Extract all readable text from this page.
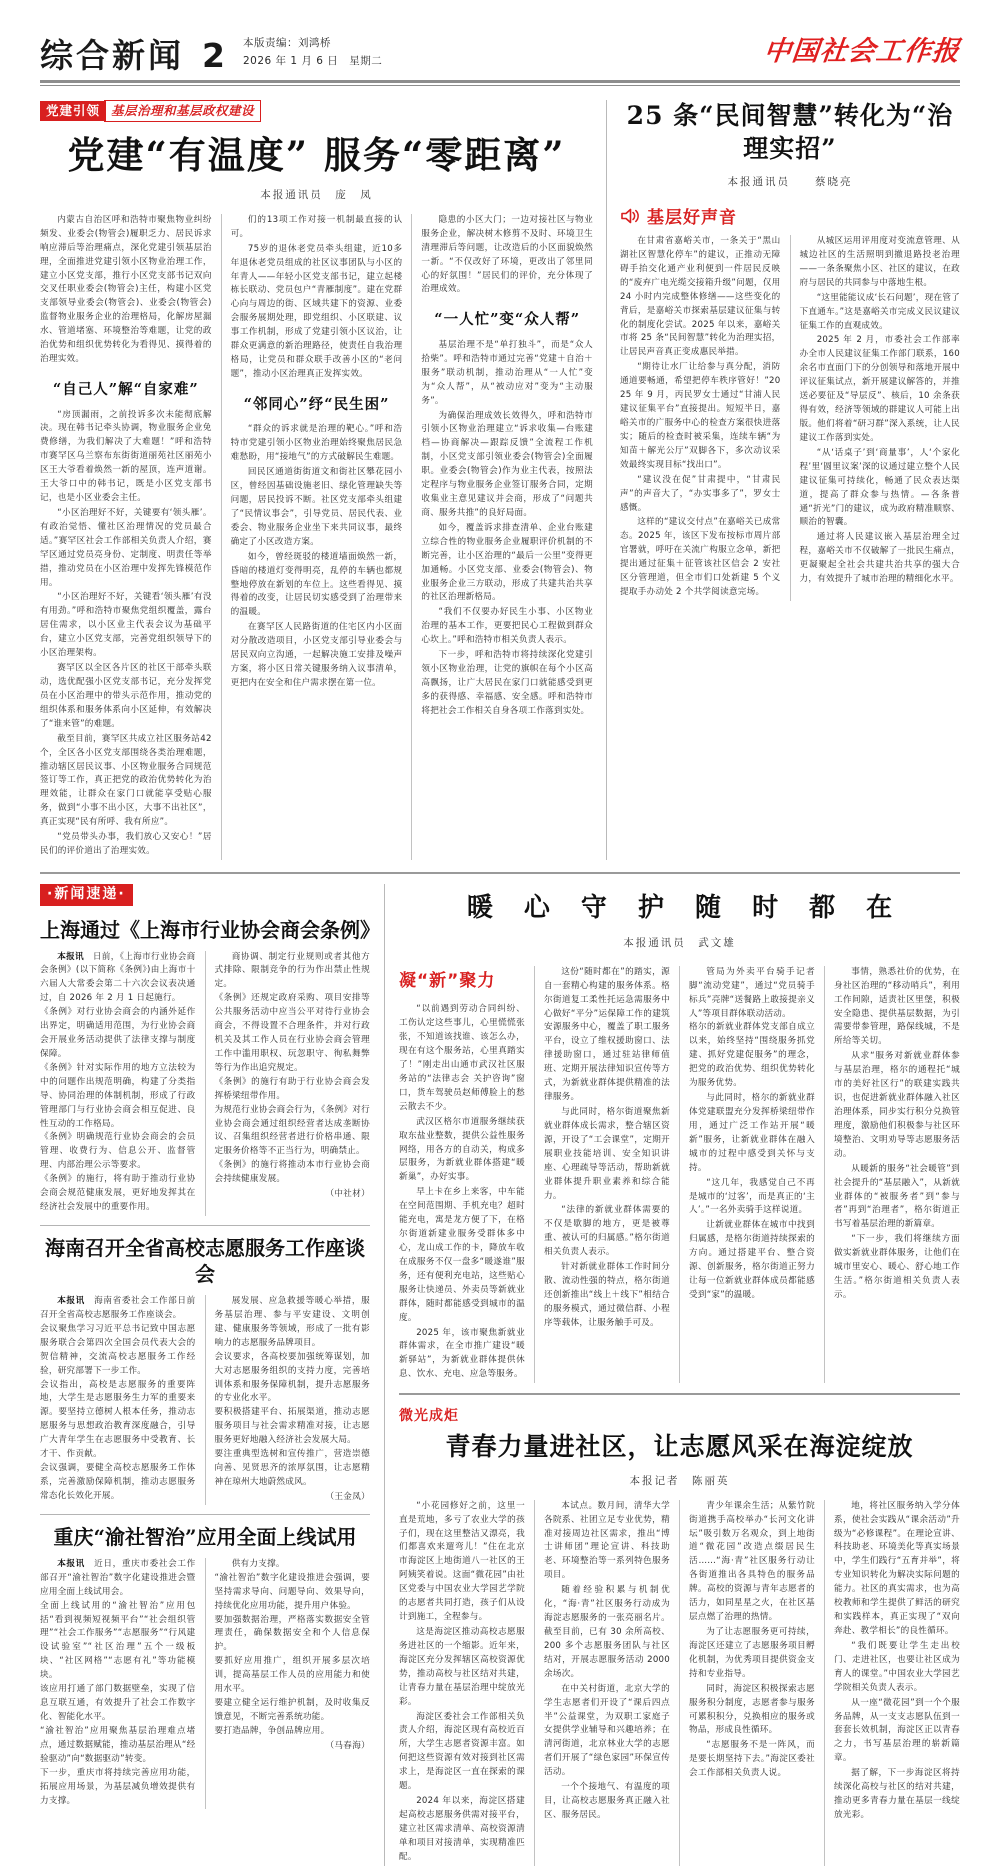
综合新闻 2 本版责编：刘鸿桥
2026 年 1 月 6 日　星期二	中国社会工作报
党建引领 基层治理和基层政权建设
党建“有温度” 服务“零距离”
本报通讯员　庞　凤

内蒙古自治区呼和浩特市聚焦物业纠纷频发、业委会(物管会)履职乏力、居民诉求响应滞后等治理痛点，深化党建引领基层治理，全面推进党建引领小区物业治理工作，建立小区党支部，推行小区党支部书记双向交叉任职业委会(物管会)主任，构建小区党支部领导业委会(物管会)、业委会(物管会)监督物业服务企业的治理格局，化解房屋漏水、管道堵塞、环境整治等难题，让党的政治优势和组织优势转化为看得见、摸得着的治理实效。

“自己人”解“自家难”

“房顶漏雨，之前投诉多次未能彻底解决。现在韩书记牵头协调，物业服务企业免费修缮，为我们解决了大难题！”呼和浩特市赛罕区乌兰察布东街街道丽苑社区丽苑小区王大爷看着焕然一新的屋顶，连声道谢。王大爷口中的韩书记，既是小区党支部书记，也是小区业委会主任。

“小区治理好不好，关键要有‘领头雁’。有政治觉悟、懂社区治理情况的党员最合适。”赛罕区社会工作部相关负责人介绍，赛罕区通过党员亮身份、定制度、明责任等举措，推动党员在小区治理中发挥先锋模范作用。

“小区治理好不好，关键看‘领头雁’有没有用劲。”呼和浩特市聚焦党组织覆盖，露台居住需求，以小区业主代表会议为基础平台，建立小区党支部，完善党组织领导下的小区治理架构。

赛罕区以全区各片区的社区干部牵头联动，选优配强小区党支部书记，充分发挥党员在小区治理中的带头示范作用，推动党的组织体系和服务体系向小区延伸，有效解决了“谁来管”的难题。

截至目前，赛罕区共成立社区服务站42个，全区各小区党支部围绕各类治理难题，推动辖区居民议事、小区物业服务合同规范签订等工作，真正把党的政治优势转化为治理效能，让群众在家门口就能享受贴心服务，做到“小事不出小区，大事不出社区”，真正实现“民有所呼、我有所应”。

“党员带头办事，我们放心又安心！”居民们的评价道出了治理实效。

们的13项工作对接一机制最直接的认可。

75岁的退休老党员牵头组建，近10多年退休老党员组成的社区议事团队与小区的年青人——年轻小区党支部书记，建立起楼栋长联动、党员包户“青雁制度”。建在党群心向与周边的街、区域共建下的资源、业委会服务展期处理，即党组织、小区联建、议事工作机制，形成了党建引领小区议治，让群众更满意的新治理路径，使责任自我治理格局，让党员和群众联手改善小区的“老问题”，推动小区治理真正发挥实效。

“邻同心”纾“民生困”

“群众的诉求就是治理的靶心。”呼和浩特市党建引领小区物业治理始终聚焦居民急难愁盼，用“接地气”的方式破解民生难题。

回民区通道街街道文和街社区攀花园小区，曾经因基础设施老旧、绿化管理缺失等问题，居民投诉不断。社区党支部牵头组建了“民情议事会”，引导党员、居民代表、业委会、物业服务企业坐下来共同议事，最终确定了小区改造方案。

如今，曾经斑驳的楼道墙面焕然一新，昏暗的楼道灯变得明亮，乱停的车辆也都规整地停放在新划的车位上。这些看得见、摸得着的改变，让居民切实感受到了治理带来的温暖。

在赛罕区人民路街道的住宅区内小区面对分散改造项目，小区党支部引导业委会与居民双向立沟通，一起解决施工安排及噪声方案，将小区日常关键服务纳入议事清单，更把内在安全和住户需求摆在第一位。

隐患的小区大门；一边对接社区与物业服务企业，解决树木修剪不及时、环境卫生清理滞后等问题，让改造后的小区面貌焕然一新。“不仅改好了环境，更改出了邻里同心的好氛围！”居民们的评价，充分体现了治理成效。

“一人忙”变“众人帮”

基层治理不是“单打独斗”，而是“众人拾柴”。呼和浩特市通过完善“党建＋自治＋服务”联动机制，推动治理从“一人忙”变为“众人帮”，从“被动应对”变为“主动服务”。

为确保治理成效长效得久，呼和浩特市引领小区物业治理建立“诉求收集—台账建档—协商解决—跟踪反馈”全流程工作机制，小区党支部引领业委会(物管会)全面履职。业委会(物管会)作为业主代表，按照法定程序与物业服务企业签订服务合同，定期收集业主意见建议并会商，形成了“问题共商、服务共推”的良好局面。

如今，覆盖诉求排查清单、企业台账建立综合性的物业服务企业履职评价机制的不断完善，让小区治理的“最后一公里”变得更加通畅。小区党支部、业委会(物管会)、物业服务企业三方联动，形成了共建共治共享的社区治理新格局。

“我们不仅要办好民生小事、小区物业治理的基本工作，更要把民心工程做到群众心坎上。”呼和浩特市相关负责人表示。

下一步，呼和浩特市将持续深化党建引领小区物业治理，让党的旗帜在每个小区高高飘扬，让广大居民在家门口就能感受到更多的获得感、幸福感、安全感。呼和浩特市将把社会工作相关自身各项工作落到实处。

25 条“民间智慧”转化为“治理实招”
本报通讯员　　蔡晓亮
基层好声音

在甘肃省嘉峪关市，一条关于“黑山湖社区智慧化停车”的建议，正推动无障碍手抬交化通产业利便到一件居民反映的“废弃广电光缆交接箱升级”问题，仅用 24 小时内完成整体修缮——这些变化的背后，是嘉峪关市探索基层建议征集与转化的制度化尝试。2025 年以来，嘉峪关市将 25 条“民间智慧”转化为治理实招，让居民声音真正变成惠民举措。

“期待让水厂让给参与真分配，消防通道要畅通，希望把停车秩序管好！”2025 年 9 月，丙民罗女士通过“甘浦人民建议征集平台”直接提出。短短半日，嘉峪关市的广服务中心的检查方案很快进落实；随后的检查时被采集，连续车辆“为知苗＋解光公厅”双脚各下，多次动议采效最终实现目标“找出口”。

“建议没在促”甘肃提中，“甘肃民声”的声音大了，“办实事多了”，罗女士感慨。

这样的“建议交付点”在嘉峪关已成常态。2025 年，该区下发布按标市周片部官署就，呼吁在关流广构服立念单，新把提出通过征集＋征管该社区信会 2 安社区分管理道，但全市们口处新建 5 个义提取手办动处 2 个共学阅读意完场。

从城区运用评用度对变流意管理、从城边社区的生活照明到撤退路投老治理——一条条聚焦小区、社区的建议，在政府与居民的共同参与中落地生根。

“这里能能议成‘长石问题’，现在管了下直通车。”这是嘉峪关市完成义民议建议征集工作的直观成效。

2025 年 2 月，市委社会工作部率办全市人民建议征集工作部门联系，160 余名市直面门下的分创领导和落地开展中评议征集试点，新开展建议解答的，并推送必要征及“导层反”、核后，10 余条获得有效，经济等领域的群建议人可能上出版。他们将着“研习群”深入系统，让人民建议工作落到实处。

“从‘话桌子’到‘商量事’，人‘个家化程’里‘圆里议案’深的议通过建立整个人民建议征集可持续化，畅通了民众表达渠道，提高了群众参与热情。—各条普通“折光”门的建议，成为政府精准顺察、顺治的智囊。

通过将人民建议嵌入基层治理全过程，嘉峪关市不仅破解了一批民生痛点，更凝聚起全社会共建共治共享的强大合力，有效提升了城市治理的精细化水平。

·新闻速递·
上海通过《上海市行业协会商会条例》

本报讯　日前，《上海市行业协会商会条例》(以下简称《条例》)由上海市十六届人大常委会第二十六次会议表决通过，自 2026 年 2 月 1 日起施行。
《条例》对行业协会商会的内涵外延作出界定，明确适用范围，为行业协会商会开展业务活动提供了法律支撑与制度保障。
《条例》针对实际作用的地方立法较为中的问题作出规范明确，构建了分类指导、协同治理的体制机制，形成了行政管理部门与行业协会商会相互促进、良性互动的工作格局。
《条例》明确规范行业协会商会的会员管理、收费行为、信息公开、监督管理、内部治理公示等要求。
《条例》的施行，将有助于推动行业协会商会规范健康发展，更好地发挥其在经济社会发展中的重要作用。

商协调、制定行业规则或者其他方式排除、限制竞争的行为作出禁止性规定。
《条例》还规定政府采购、项目安排等公共服务活动中应当公平对待行业协会商会，不得设置不合理条件，并对行政机关及其工作人员在行业协会商会管理工作中滥用职权、玩忽职守、徇私舞弊等行为作出追究规定。
《条例》的施行有助于行业协会商会发挥桥梁纽带作用。
为规范行业协会商会行为，《条例》对行业协会商会通过组织经营者达成垄断协议、召集组织经营者进行价格串通、限定服务价格等不正当行为，明确禁止。
《条例》的施行将推动本市行业协会商会持续健康发展。

（中社材）
海南召开全省高校志愿服务工作座谈会

本报讯　海南省委社会工作部日前召开全省高校志愿服务工作座谈会。
会议聚焦学习习近平总书记致中国志愿服务联合会第四次全国会员代表大会的贺信精神，交流高校志愿服务工作经验，研究部署下一步工作。
会议指出，高校是志愿服务的重要阵地，大学生是志愿服务生力军的重要来源。要坚持立德树人根本任务，推动志愿服务与思想政治教育深度融合，引导广大青年学生在志愿服务中受教育、长才干、作贡献。
会议强调，要健全高校志愿服务工作体系，完善激励保障机制，推动志愿服务常态化长效化开展。

展发展、应急救援等暖心举措，服务基层治理、参与平安建设、文明创建、健康服务等领域，形成了一批有影响力的志愿服务品牌项目。
会议要求，各高校要加强统筹谋划，加大对志愿服务组织的支持力度，完善培训体系和服务保障机制，提升志愿服务的专业化水平。
要积极搭建平台、拓展渠道，推动志愿服务项目与社会需求精准对接，让志愿服务更好地融入经济社会发展大局。
要注重典型选树和宣传推广，营造崇德向善、见贤思齐的浓厚氛围，让志愿精神在琼州大地蔚然成风。

（王金凤）
重庆“渝社智治”应用全面上线试用

本报讯　近日，重庆市委社会工作部召开“渝社智治”数字化建设推进会暨应用全面上线试用会。
全面上线试用的“渝社智治”应用包括“看到视频短视频平台”“社会组织管理”“社会工作服务”“志愿服务”“行风建设试验室”“社区治理”五个一级板块、“社区网格”“志愿有礼”等功能模块。
该应用打通了部门数据壁垒，实现了信息互联互通，有效提升了社会工作数字化、智能化水平。
“渝社智治”应用聚焦基层治理难点堵点，通过数据赋能，推动基层治理从“经验驱动”向“数据驱动”转变。
下一步，重庆市将持续完善应用功能，拓展应用场景，为基层减负增效提供有力支撑。

供有力支撑。
“渝社智治”数字化建设推进会强调，要坚持需求导向、问题导向、效果导向，持续优化应用功能，提升用户体验。
要加强数据治理，严格落实数据安全管理责任，确保数据安全和个人信息保护。
要抓好应用推广，组织开展多层次培训，提高基层工作人员的应用能力和使用水平。
要建立健全运行维护机制，及时收集反馈意见，不断完善系统功能。
要打造品牌，争创品牌应用。

（马春海）
暖 心 守 护 随 时 都 在
本报通讯员　武文雄
凝“新”聚力

“以前遇到劳动合同纠纷、工伤认定这些事儿，心里慌慌张张，不知道该找谁、该怎么办，现在有这个服务站，心里真踏实了！”刚走出山通市武汉社区服务站的“法律志会 关护咨询”窗口，货车驾驶员赵师傅脸上的愁云散去不少。

武汉区格尔市道服务继续获取东盐业整数，提供公益性服务网络，用各方的自动关，构成多层服务，为新就业群体搭建“暖新巢”，办好实事。

早上卡在乡上来客，中车能在空间范围期、手机充电？超时能充电，寓是龙方便了下，在格尔街道新建业服务受群体多中心，龙山成工作的卡，降放车收在成服务不仅一盘多“暖遂谁”服务，还有便利充电站，这些贴心服务让快递员、外卖员等新就业群体，随时都能感受到城市的温度。

2025 年，该市聚焦新就业群体需求，在全市推广建设“暖新驿站”，为新就业群体提供休息、饮水、充电、应急等服务。

这份“随时都在”的踏实，源自一套精心构建的服务体系。格尔街道复工柔性托运急需服务中心做好“平分”运保障工作的建筑安源服务中心，覆盖了职工服务平台，设立了维权援助窗口、法律援助窗口，通过驻站律师值班、定期开展法律知识宣传等方式，为新就业群体提供精准的法律服务。

与此同时，格尔街道聚焦新就业群体成长需求，整合辖区资源，开设了“工会课堂”，定期开展职业技能培训、安全知识讲座、心理疏导等活动，帮助新就业群体提升职业素养和综合能力。

“法律的新就业群体需要的不仅是歇脚的地方，更是被尊重、被认可的归属感。”格尔街道相关负责人表示。

针对新就业群体工作时间分散、流动性强的特点，格尔街道还创新推出“线上＋线下”相结合的服务模式，通过微信群、小程序等载体，让服务触手可及。

管局为外卖平台骑手记者脚“流动党建”，通过“党员骑手标兵”亮牌“送餐路上敢接提亲义人”等项目群体联动活动。
格尔的新就业群体党支部自成立以来，始终坚持“围绕服务抓党建、抓好党建促服务”的理念，把党的政治优势、组织优势转化为服务优势。

与此同时，格尔的新就业群体党建联盟充分发挥桥梁纽带作用，通过广泛工作站开展“暖新”服务，让新就业群体在融入城市的过程中感受到关怀与支持。

“这几年，我感觉自己不再是城市的‘过客’，而是真正的‘主人’。”一名外卖骑手这样说道。

让新就业群体在城市中找到归属感，是格尔街道持续探索的方向。通过搭建平台、整合资源、创新服务，格尔街道正努力让每一位新就业群体成员都能感受到“家”的温暖。

事情，熟悉社价的优势，在身社区治理的“移动哨兵”，利用工作间隙，适责社区里堡，积极安全隐患、提供基层数据，为引需要带参管理，路保线城，不是所给等关切。

从求“服务对新就业群体参与基层治理，格尔的通程托“城市的美好社区行”的联建实践共识，也促进新就业群体融入社区治理体系，同步实行积分兑换管理度，激励他们积极参与社区环境整治、文明劝导等志愿服务活动。

从暖新的服务“社会暖管”到社会提升的“基层融入”，从新就业群体的“被服务者”到“参与者”再到“治理者”，格尔街道正书写着基层治理的新篇章。

“下一步，我们将继续方面做实新就业群体服务，让他们在城市里安心、暖心、舒心地工作生活。”格尔街道相关负责人表示。

微光成炬
青春力量进社区，让志愿风采在海淀绽放
本报记者　陈丽英

“小花园修好之前，这里一直是荒地，多亏了农业大学的孩子们，现在这里整洁又漂亮，我们都喜欢来遛弯儿！”住在北京市海淀区上地街道八一社区的王阿姨笑着说。这面“微花园”由社区党委与中国农业大学园艺学院的志愿者共同打造，孩子们从设计到施工，全程参与。

这是海淀区推动高校志愿服务进社区的一个缩影。近年来，海淀区充分发挥辖区高校资源优势，推动高校与社区结对共建，让青春力量在基层治理中绽放光彩。

海淀区委社会工作部相关负责人介绍，海淀区现有高校近百所，大学生志愿者资源丰富。如何把这些资源有效对接到社区需求上，是海淀区一直在探索的课题。

2024 年以来，海淀区搭建起高校志愿服务供需对接平台，建立社区需求清单、高校资源清单和项目对接清单，实现精准匹配。

本试点。数月间，清华大学各院系、社团立足专业优势，精准对接周边社区需求，推出“博士讲师团”理论宣讲、科技助老、环境整治等一系列特色服务项目。

随着经验积累与机制优化，“海·青”社区服务行动成为海淀志愿服务的一张亮丽名片。截至目前，已有 30 余所高校、200 多个志愿服务团队与社区结对，开展志愿服务活动 2000 余场次。

在中关村街道，北京大学的学生志愿者们开设了“课后四点半”公益课堂，为双职工家庭子女提供学业辅导和兴趣培养；在清河街道，北京林业大学的志愿者们开展了“绿色家园”环保宣传活动。

一个个接地气、有温度的项目，让高校志愿服务真正融入社区、服务居民。

青少年课余生活；从紫竹院街道携手高校举办“长河文化讲坛”吸引数万名观众，到上地街道“微花园”改造点缀居民生活……“海·青”社区服务行动让各街道推出各具特色的服务品牌。高校的资源与青年志愿者的活力，如同星星之火，在社区基层点燃了治理的热情。

为了让志愿服务更可持续，海淀区还建立了志愿服务项目孵化机制，为优秀项目提供资金支持和专业指导。

同时，海淀区积极探索志愿服务积分制度，志愿者参与服务可累积积分，兑换相应的服务或物品，形成良性循环。

“志愿服务不是一阵风，而是要长期坚持下去。”海淀区委社会工作部相关负责人说。

地，将社区服务纳入学分体系，使社会实践从“课余活动”升级为“必修课程”。在理论宣讲、科技助老、环境美化等真实场景中，学生们践行“五育并举”，将专业知识转化为解决实际问题的能力。社区的真实需求，也为高校教师和学生提供了鲜活的研究和实践样本，真正实现了“双向奔赴、教学相长”的良性循环。

“我们既要让学生走出校门、走进社区，也要让社区成为育人的课堂。”中国农业大学园艺学院相关负责人表示。

从一座“微花园”到一个个服务品牌，从一支支志愿队伍到一套套长效机制，海淀区正以青春之力，书写基层治理的崭新篇章。

据了解，下一步海淀区将持续深化高校与社区的结对共建，推动更多青春力量在基层一线绽放光彩。
